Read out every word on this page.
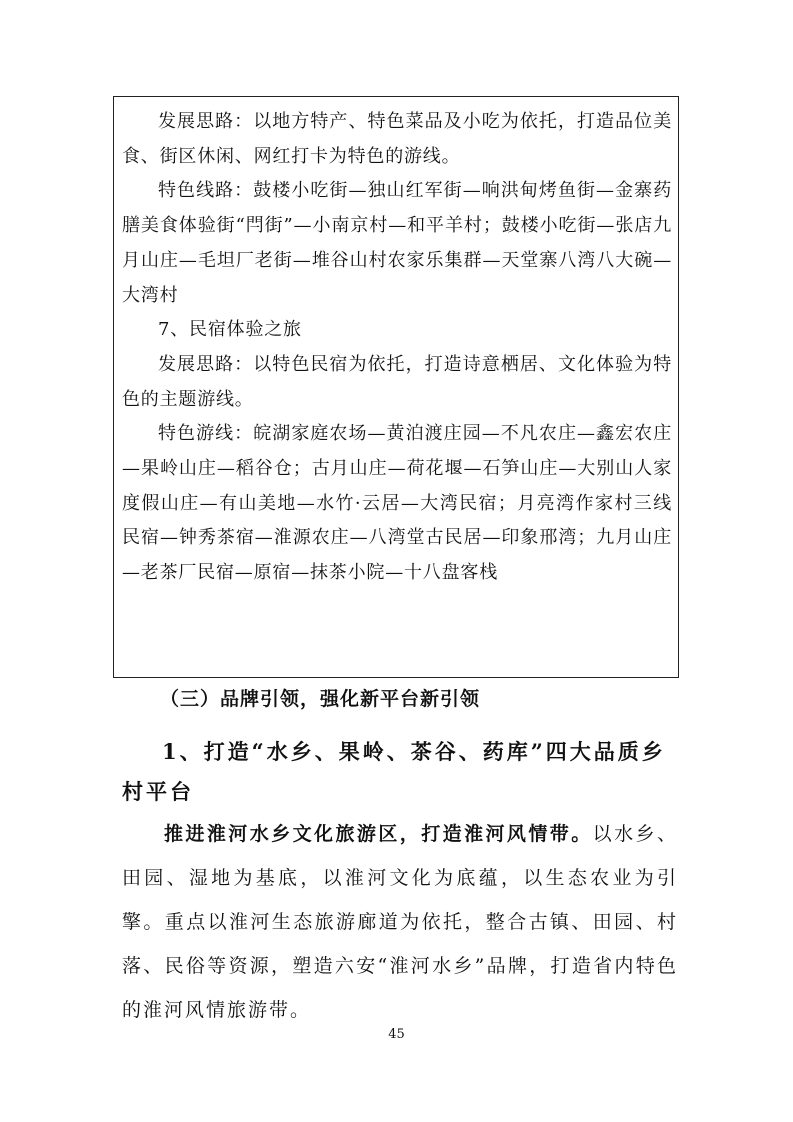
发展思路：以地方特产、特色菜品及小吃为依托，打造品位美食、街区休闲、网红打卡为特色的游线。

特色线路：鼓楼小吃街—独山红军街—响洪甸烤鱼街—金寨药膳美食体验街“閂街”—小南京村—和平羊村；鼓楼小吃街—张店九月山庄—毛坦厂老街—堆谷山村农家乐集群—天堂寨八湾八大碗—大湾村

7、民宿体验之旅

发展思路：以特色民宿为依托，打造诗意栖居、文化体验为特色的主题游线。

特色游线：皖湖家庭农场—黄泊渡庄园—不凡农庄—鑫宏农庄—果岭山庄—稻谷仓；古月山庄—荷花堰—石笋山庄—大别山人家度假山庄—有山美地—水竹·云居—大湾民宿；月亮湾作家村三线民宿—钟秀茶宿—淮源农庄—八湾堂古民居—印象邢湾；九月山庄—老茶厂民宿—原宿—抹茶小院—十八盘客栈

（三）品牌引领，强化新平台新引领

1、打造“水乡、果岭、茶谷、药库”四大品质乡村平台

推进淮河水乡文化旅游区，打造淮河风情带。以水乡、田园、湿地为基底，以淮河文化为底蕴，以生态农业为引擎。重点以淮河生态旅游廊道为依托，整合古镇、田园、村落、民俗等资源，塑造六安“淮河水乡”品牌，打造省内特色的淮河风情旅游带。

45
